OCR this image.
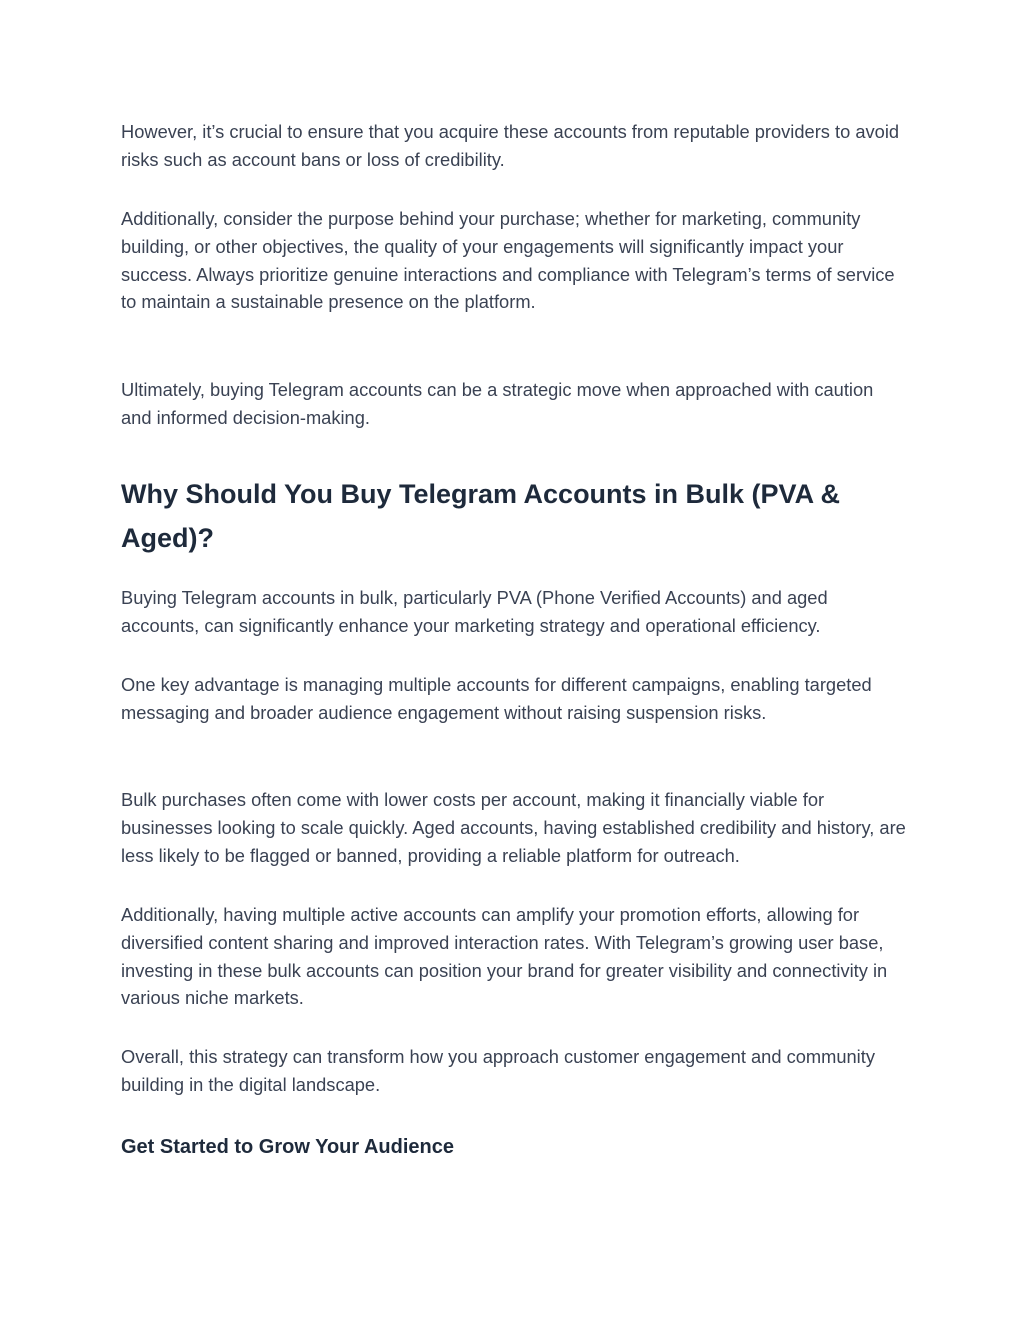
However, it’s crucial to ensure that you acquire these accounts from reputable providers to avoid risks such as account bans or loss of credibility.

Additionally, consider the purpose behind your purchase; whether for marketing, community building, or other objectives, the quality of your engagements will significantly impact your success. Always prioritize genuine interactions and compliance with Telegram’s terms of service to maintain a sustainable presence on the platform.

Ultimately, buying Telegram accounts can be a strategic move when approached with caution and informed decision-making.

Why Should You Buy Telegram Accounts in Bulk (PVA & Aged)?

Buying Telegram accounts in bulk, particularly PVA (Phone Verified Accounts) and aged accounts, can significantly enhance your marketing strategy and operational efficiency.

One key advantage is managing multiple accounts for different campaigns, enabling targeted messaging and broader audience engagement without raising suspension risks.

Bulk purchases often come with lower costs per account, making it financially viable for businesses looking to scale quickly. Aged accounts, having established credibility and history, are less likely to be flagged or banned, providing a reliable platform for outreach.

Additionally, having multiple active accounts can amplify your promotion efforts, allowing for diversified content sharing and improved interaction rates. With Telegram’s growing user base, investing in these bulk accounts can position your brand for greater visibility and connectivity in various niche markets.

Overall, this strategy can transform how you approach customer engagement and community building in the digital landscape.

Get Started to Grow Your Audience
